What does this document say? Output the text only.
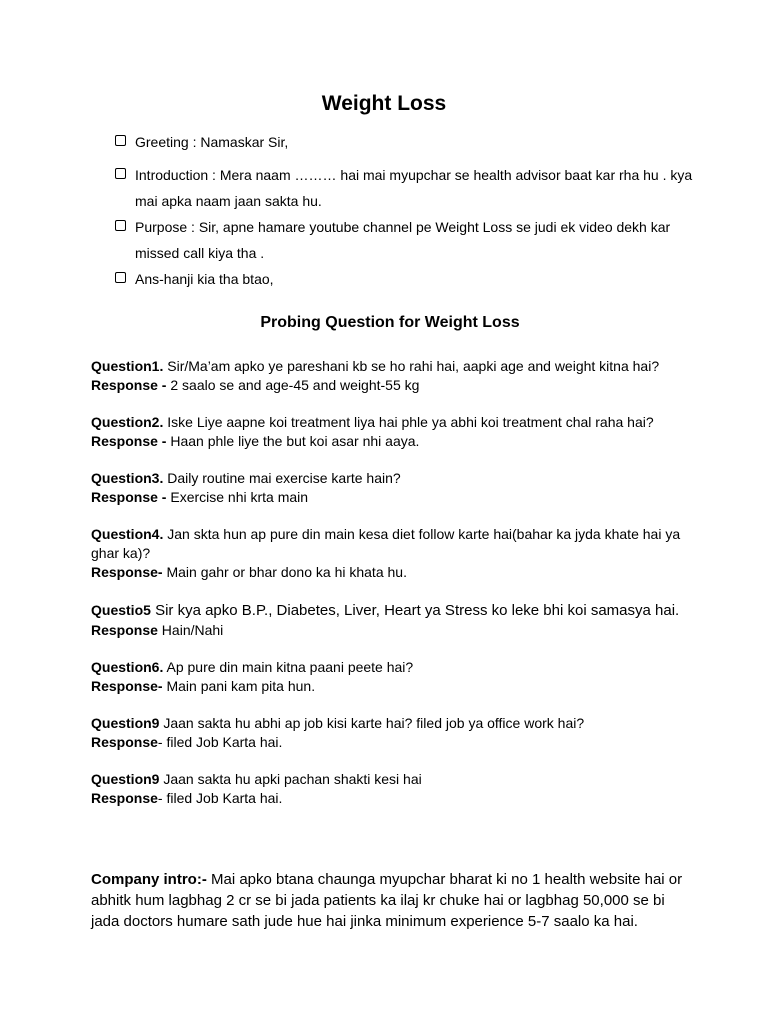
Weight Loss
Greeting : Namaskar Sir,
Introduction : Mera naam ……… hai mai myupchar se health advisor baat kar rha hu . kya mai apka naam jaan sakta hu.
Purpose : Sir, apne hamare youtube channel pe Weight Loss se judi ek video dekh kar missed call kiya tha .
Ans-hanji kia tha btao,
Probing Question for Weight Loss
Question1. Sir/Ma’am apko ye pareshani kb se ho rahi hai, aapki age and weight kitna hai?
Response - 2 saalo se and age-45 and weight-55 kg
Question2. Iske Liye aapne koi treatment liya hai phle ya abhi koi treatment chal raha hai?
Response - Haan phle liye the but koi asar nhi aaya.
Question3. Daily routine mai exercise karte hain?
Response - Exercise nhi krta main
Question4. Jan skta hun ap pure din main kesa diet follow karte hai(bahar ka jyda khate hai ya ghar ka)?
Response- Main gahr or bhar dono ka hi khata hu.
Questio5 Sir kya apko B.P., Diabetes, Liver, Heart ya Stress ko leke bhi koi samasya hai.
Response Hain/Nahi
Question6. Ap pure din main kitna paani peete hai?
Response- Main pani kam pita hun.
Question9 Jaan sakta hu abhi ap job kisi karte hai? filed job ya office work hai?
Response- filed Job Karta hai.
Question9 Jaan sakta hu apki pachan shakti kesi hai
Response- filed Job Karta hai.
Company intro:- Mai apko btana chaunga myupchar bharat ki no 1 health website hai or abhitk hum lagbhag 2 cr se bi jada patients ka ilaj kr chuke hai or lagbhag 50,000 se bi jada doctors humare sath jude hue hai jinka minimum experience 5-7 saalo ka hai.
